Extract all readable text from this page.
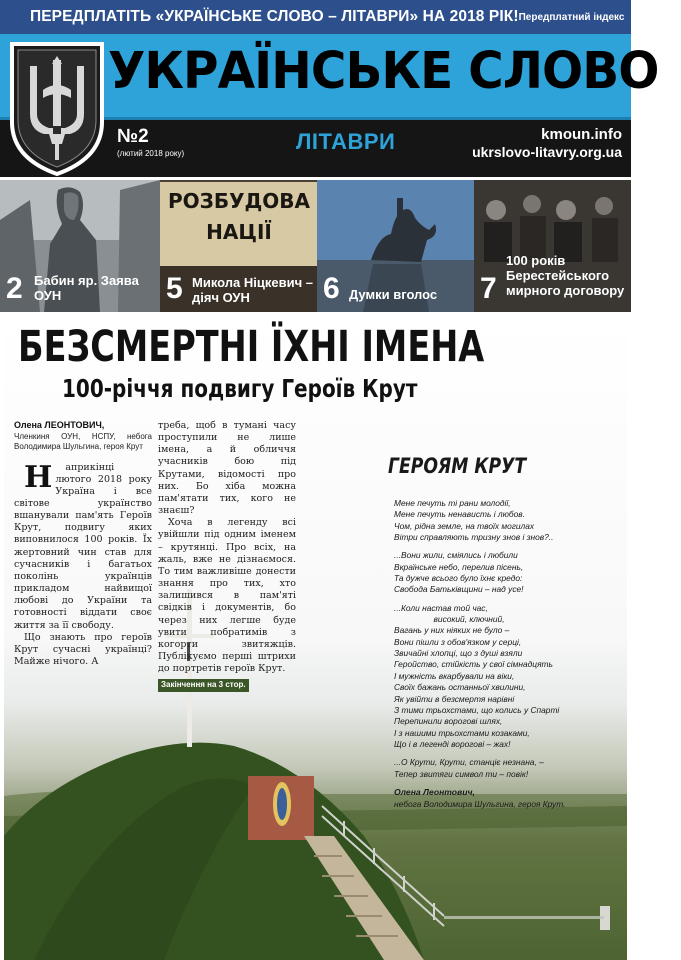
ПЕРЕДПЛАТІТЬ «УКРАЇНСЬКЕ СЛОВО – ЛІТАВРИ» НА 2018 РІК! Передплатний індекс 60277
УКРАЇНСЬКЕ СЛОВО
№2
(лютий 2018 року)	ЛІТАВРИ	kmoun.info
ukrslovo-litavry.org.ua
2 Бабин яр. Заява ОУН
РОЗБУДОВА НАЦІЇ
5 Микола Ніцкевич – діяч ОУН	6 Думки вголос	7
100 років Берестейського мирного договору
БЕЗСМЕРТНІ ЇХНІ ІМЕНА
100-річчя подвигу Героїв Крут
Олена ЛЕОНТОВИЧ,
Членкиня ОУН, НСПУ, небога Володимира Шульгина, героя Крут

Наприкінці лютого 2018 року Україна і все світове українство вшанували пам'ять Героїв Крут, подвигу яких виповнилося 100 років. Їх жертовний чин став для сучасників і багатьох поколінь українців прикладом найвищої любові до України та готовності віддати своє життя за її свободу.

Що знають про героїв Крут сучасні українці? Майже нічого. А

треба, щоб в тумані часу проступили не лише імена, а й обличчя учасників бою під Крутами, відомості про них. Бо хіба можна пам'ятати тих, кого не знаєш?

Хоча в легенду всі увійшли під одним іменем – крутянці. Про всіх, на жаль, вже не дізнаємося. То тим важливіше донести знання про тих, хто залишився в пам'яті свідків і документів, бо через них легше буде увити побратимів з когорти звитяжців. Публікуємо перші штрихи до портретів героїв Крут.

Закінчення на 3 стор.
ГЕРОЯМ КРУТ
Мене печуть ті рани молодії,
Мене печуть ненависть і любов.
Чом, рідна земле, на твоїх могилах
Вітри справляють тризну знов і знов?..
...Вони жили, сміялись і любили
Вкраїнське небо, перелив пісень,
Та дужче всього було їхнє кредо:
Свобода Батьківщини – над усе!
...Коли настав той час,
високий, ключний,
Вагань у них ніяких не було –
Вони пішли з обов'язком у серці,
Звичайні хлопці, що з душі взяли
Геройство, стійкість у свої сімнадцять
І мужність вкарбували на віки,
Своїх бажань останньої хвилини,
Як увійти в безсмертя нарівні
З тими трьохстами, що колись у Спарті
Перепинили ворогові шлях,
І з нашими трьохстами козаками,
Що і в легенді ворогові – жах!
...О Крути, Крути, станціє незнана, –
Тепер звитяги символ ти – повік!
Олена Леонтович,
небога Володимира Шульгина, героя Крут.
